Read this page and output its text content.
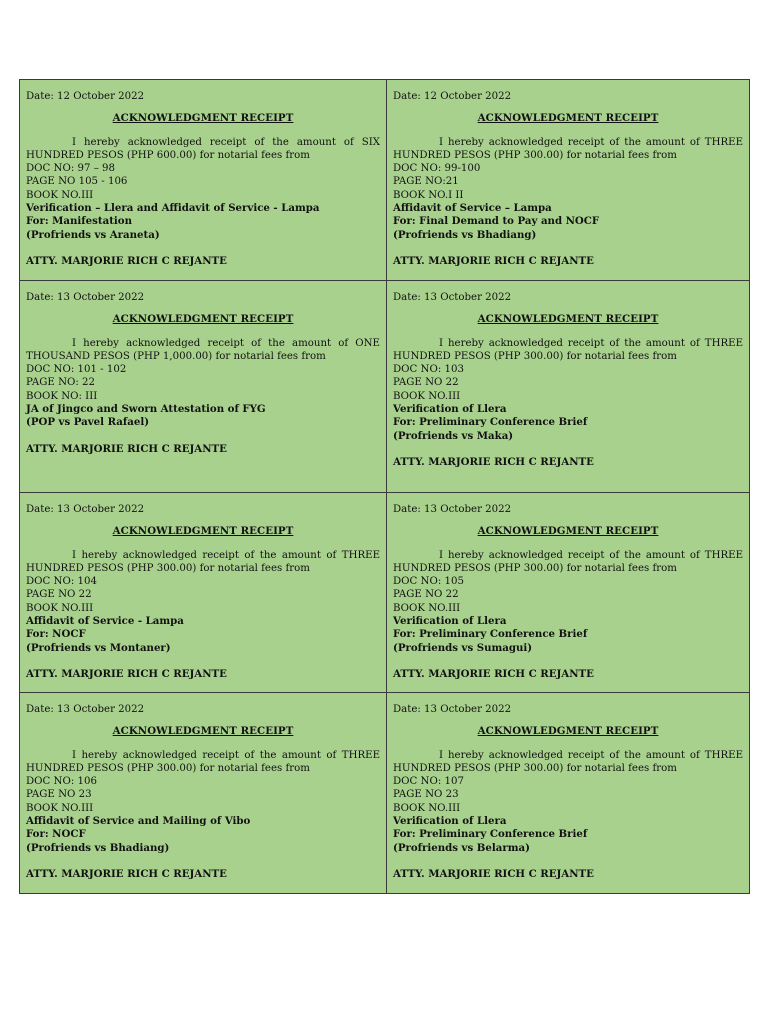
Date: 12 October 2022

ACKNOWLEDGMENT RECEIPT

I hereby acknowledged receipt of the amount of SIX HUNDRED PESOS (PHP 600.00) for notarial fees from

DOC NO: 97 – 98

PAGE NO 105 - 106

BOOK NO.III

Verification – Llera and Affidavit of Service - Lampa

For: Manifestation

(Profriends vs Araneta)

ATTY. MARJORIE RICH C REJANTE

Date: 12 October 2022

ACKNOWLEDGMENT RECEIPT

I hereby acknowledged receipt of the amount of THREE HUNDRED PESOS (PHP 300.00) for notarial fees from

DOC NO: 99-100

PAGE NO:21

BOOK NO.I II

Affidavit of Service – Lampa

For: Final Demand to Pay and NOCF

(Profriends vs Bhadiang)

ATTY. MARJORIE RICH C REJANTE

Date: 13 October 2022

ACKNOWLEDGMENT RECEIPT

I hereby acknowledged receipt of the amount of ONE THOUSAND PESOS (PHP 1,000.00) for notarial fees from

DOC NO: 101 - 102

PAGE NO: 22

BOOK NO: III

JA of Jingco and Sworn Attestation of FYG

(POP vs Pavel Rafael)

ATTY. MARJORIE RICH C REJANTE

Date: 13 October 2022

ACKNOWLEDGMENT RECEIPT

I hereby acknowledged receipt of the amount of THREE HUNDRED PESOS (PHP 300.00) for notarial fees from

DOC NO: 103

PAGE NO 22

BOOK NO.III

Verification of Llera

For: Preliminary Conference Brief

(Profriends vs Maka)

ATTY. MARJORIE RICH C REJANTE

Date: 13 October 2022

ACKNOWLEDGMENT RECEIPT

I hereby acknowledged receipt of the amount of THREE HUNDRED PESOS (PHP 300.00) for notarial fees from

DOC NO: 104

PAGE NO 22

BOOK NO.III

Affidavit of Service - Lampa

For: NOCF

(Profriends vs Montaner)

ATTY. MARJORIE RICH C REJANTE

Date: 13 October 2022

ACKNOWLEDGMENT RECEIPT

I hereby acknowledged receipt of the amount of THREE HUNDRED PESOS (PHP 300.00) for notarial fees from

DOC NO: 105

PAGE NO 22

BOOK NO.III

Verification of Llera

For: Preliminary Conference Brief

(Profriends vs Sumagui)

ATTY. MARJORIE RICH C REJANTE

Date: 13 October 2022

ACKNOWLEDGMENT RECEIPT

I hereby acknowledged receipt of the amount of THREE HUNDRED PESOS (PHP 300.00) for notarial fees from

DOC NO: 106

PAGE NO 23

BOOK NO.III

Affidavit of Service and Mailing of Vibo

For: NOCF

(Profriends vs Bhadiang)

ATTY. MARJORIE RICH C REJANTE

Date: 13 October 2022

ACKNOWLEDGMENT RECEIPT

I hereby acknowledged receipt of the amount of THREE HUNDRED PESOS (PHP 300.00) for notarial fees from

DOC NO: 107

PAGE NO 23

BOOK NO.III

Verification of Llera

For: Preliminary Conference Brief

(Profriends vs Belarma)

ATTY. MARJORIE RICH C REJANTE
